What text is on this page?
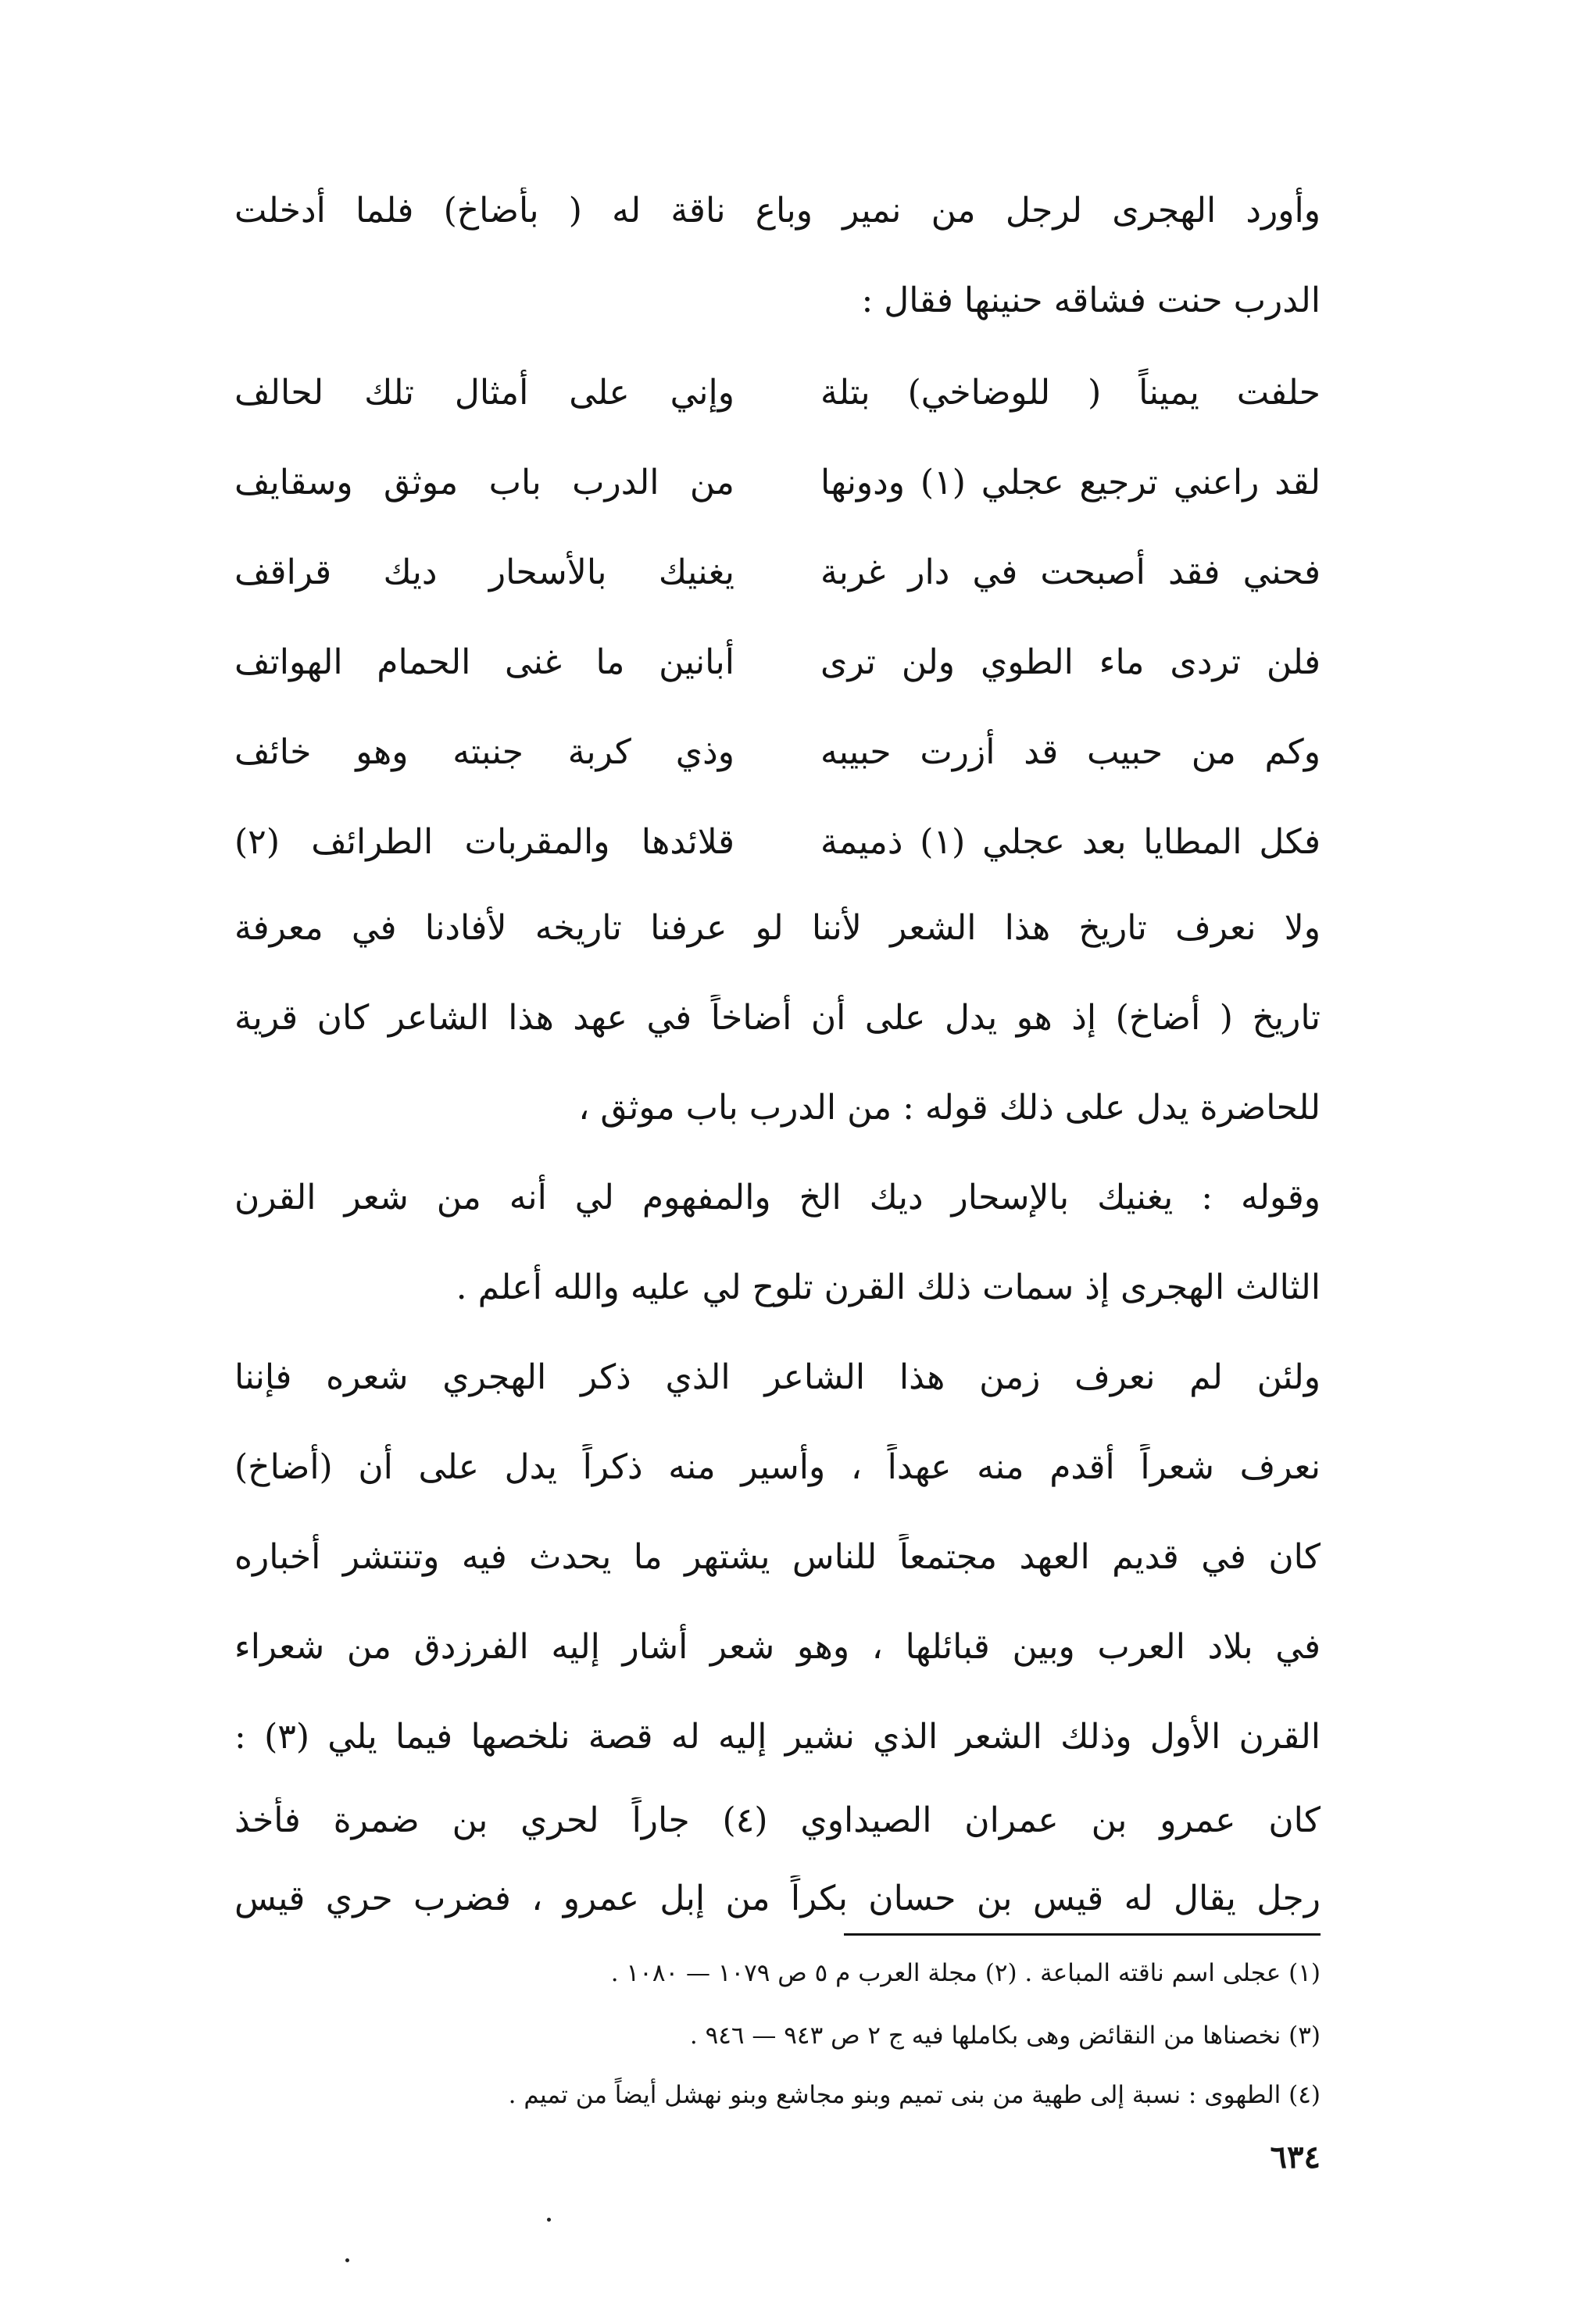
وأورد الهجرى لرجل من نمير وباع ناقة له ( بأضاخ) فلما أدخلت
الدرب حنت فشاقه حنينها فقال :
حلفت يميناً ( للوضاخي) بتلة
وإني على أمثال تلك لحالف
لقد راعني ترجيع عجلي (١) ودونها
من الدرب باب موثق وسقايف
فحني فقد أصبحت في دار غربة
يغنيك بالأسحار ديك قراقف
فلن تردى ماء الطوي ولن ترى
أبانين ما غنى الحمام الهواتف
وكم من حبيب قد أزرت حبيبه
وذي كربة جنبته وهو خائف
فكل المطايا بعد عجلي (١) ذميمة
قلائدها والمقربات الطرائف (٢)
ولا نعرف تاريخ هذا الشعر لأننا لو عرفنا تاريخه لأفادنا في معرفة
تاريخ ( أضاخ) إذ هو يدل على أن أضاخاً في عهد هذا الشاعر كان قرية
للحاضرة يدل على ذلك قوله : من الدرب باب موثق ،
وقوله : يغنيك بالإسحار ديك الخ والمفهوم لي أنه من شعر القرن
الثالث الهجرى إذ سمات ذلك القرن تلوح لي عليه والله أعلم .
ولئن لم نعرف زمن هذا الشاعر الذي ذكر الهجري شعره فإننا
نعرف شعراً أقدم منه عهداً ، وأسير منه ذكراً يدل على أن (أضاخ)
كان في قديم العهد مجتمعاً للناس يشتهر ما يحدث فيه وتنتشر أخباره
في بلاد العرب وبين قبائلها ، وهو شعر أشار إليه الفرزدق من شعراء
القرن الأول وذلك الشعر الذي نشير إليه له قصة نلخصها فيما يلي (٣) :
كان عمرو بن عمران الصيداوي (٤) جاراً لحري بن ضمرة فأخذ
رجل يقال له قيس بن حسان بكراً من إبل عمرو ، فضرب حري قيس
(١) عجلى اسم ناقته المباعة . (٢) مجلة العرب م ٥ ص ١٠٧٩ — ١٠٨٠ .
(٣) نخصناها من النقائض وهى بكاملها فيه ج ٢ ص ٩٤٣ — ٩٤٦ .
(٤) الطهوى : نسبة إلى طهية من بنى تميم وبنو مجاشع وبنو نهشل أيضاً من تميم .
٦٣٤
